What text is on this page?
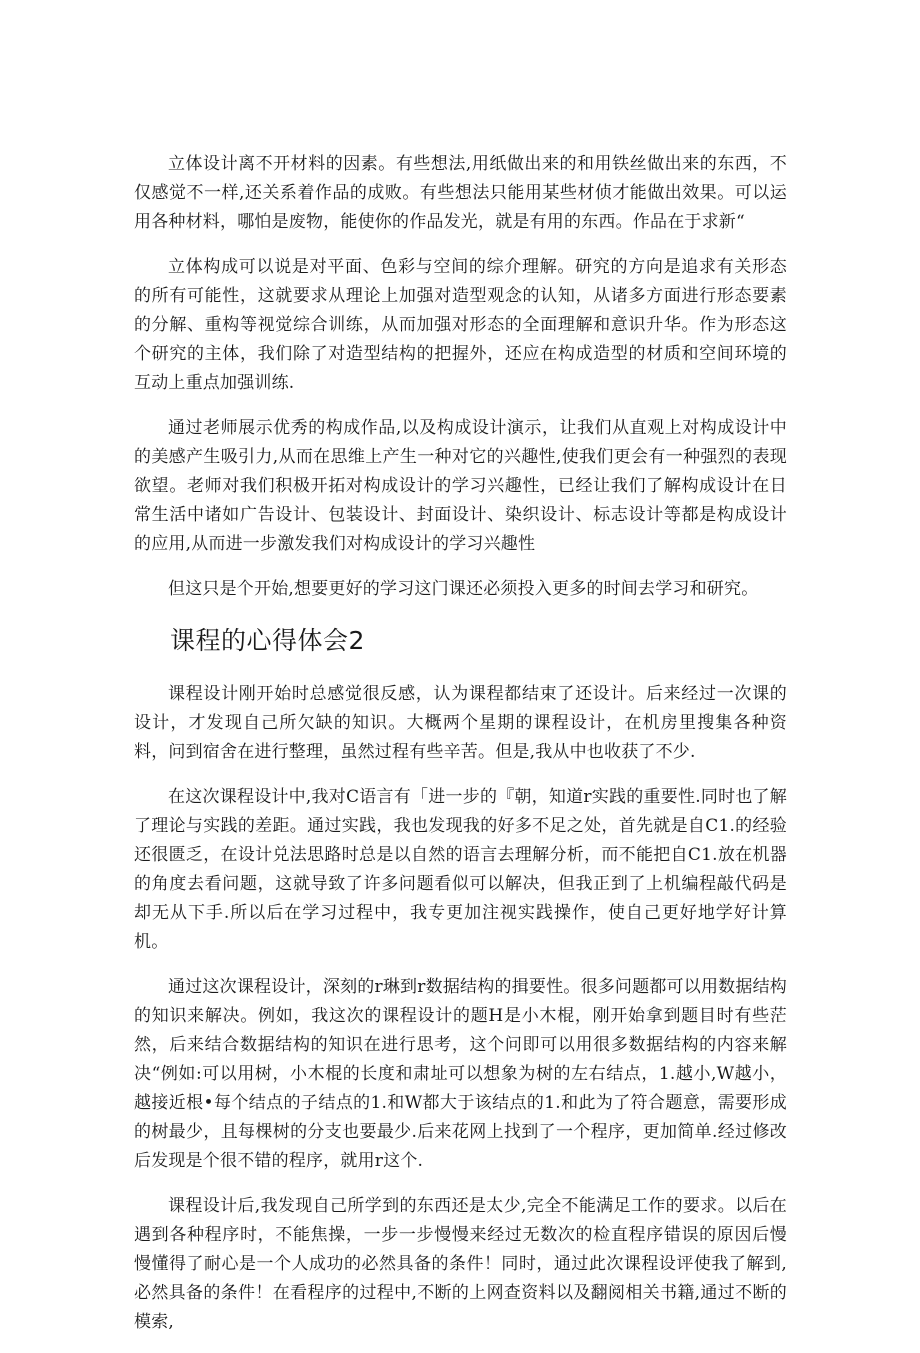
立体设计离不开材料的因素。有些想法,用纸做出来的和用铁丝做出来的东西，不仅感觉不一样,还关系着作品的成败。有些想法只能用某些材侦才能做出效果。可以运用各种材料，哪怕是废物，能使你的作品发光，就是有用的东西。作品在于求新“

立体构成可以说是对平面、色彩与空间的综介理解。研究的方向是追求有关形态的所有可能性，这就要求从理论上加强对造型观念的认知，从诸多方面进行形态要素的分解、重构等视觉综合训练，从而加强对形态的全面理解和意识升华。作为形态这个研究的主体，我们除了对造型结构的把握外，还应在构成造型的材质和空间环境的互动上重点加强训练.

通过老师展示优秀的构成作品,以及构成设计演示，让我们从直观上对构成设计中的美感产生吸引力,从而在思维上产生一种对它的兴趣性,使我们更会有一种强烈的表现欲望。老师对我们积极开拓对构成设计的学习兴趣性，已经让我们了解构成设计在日常生活中诸如广告设计、包装设计、封面设计、染织设计、标志设计等都是构成设计的应用,从而进一步激发我们对构成设计的学习兴趣性

但这只是个开始,想要更好的学习这门课还必须投入更多的时间去学习和研究。

课程的心得体会2

课程设计刚开始时总感觉很反感，认为课程都结束了还设计。后来经过一次课的设计，才发现自己所欠缺的知识。大概两个星期的课程设计，在机房里搜集各种资料，问到宿舍在进行整理，虽然过程有些辛苦。但是,我从中也收获了不少.

在这次课程设计中,我对C语言有「进一步的『朝，知道r实践的重要性.同时也了解了理论与实践的差距。通过实践，我也发现我的好多不足之处，首先就是自C1.的经验还很匮乏，在设计兑法思路时总是以自然的语言去理解分析，而不能把自C1.放在机器的角度去看问题，这就导致了许多问题看似可以解决，但我正到了上机编程敲代码是却无从下手.所以后在学习过程中，我专更加注视实践操作，使自己更好地学好计算机。

通过这次课程设计，深刻的r琳到r数据结构的揖要性。很多问题都可以用数据结构的知识来解决。例如，我这次的课程设计的题H是小木棍，刚开始拿到题目时有些茫然，后来结合数据结构的知识在进行思考，这个问即可以用很多数据结构的内容来解决“例如:可以用树，小木棍的长度和肃址可以想象为树的左右结点，1.越小,W越小，越接近根•每个结点的子结点的1.和W都大于该结点的1.和此为了符合题意，需要形成的树最少，且每棵树的分支也要最少.后来花网上找到了一个程序，更加简单.经过修改后发现是个很不错的程序，就用r这个.

课程设计后,我发现自己所学到的东西还是太少,完全不能满足工作的要求。以后在遇到各种程序时，不能焦操，一步一步慢慢来经过无数次的检直程序错误的原因后慢慢懂得了耐心是一个人成功的必然具备的条件！同时，通过此次课程设评使我了解到,必然具备的条件！在看程序的过程中,不断的上网查资料以及翻阅相关书籍,通过不断的模索,
